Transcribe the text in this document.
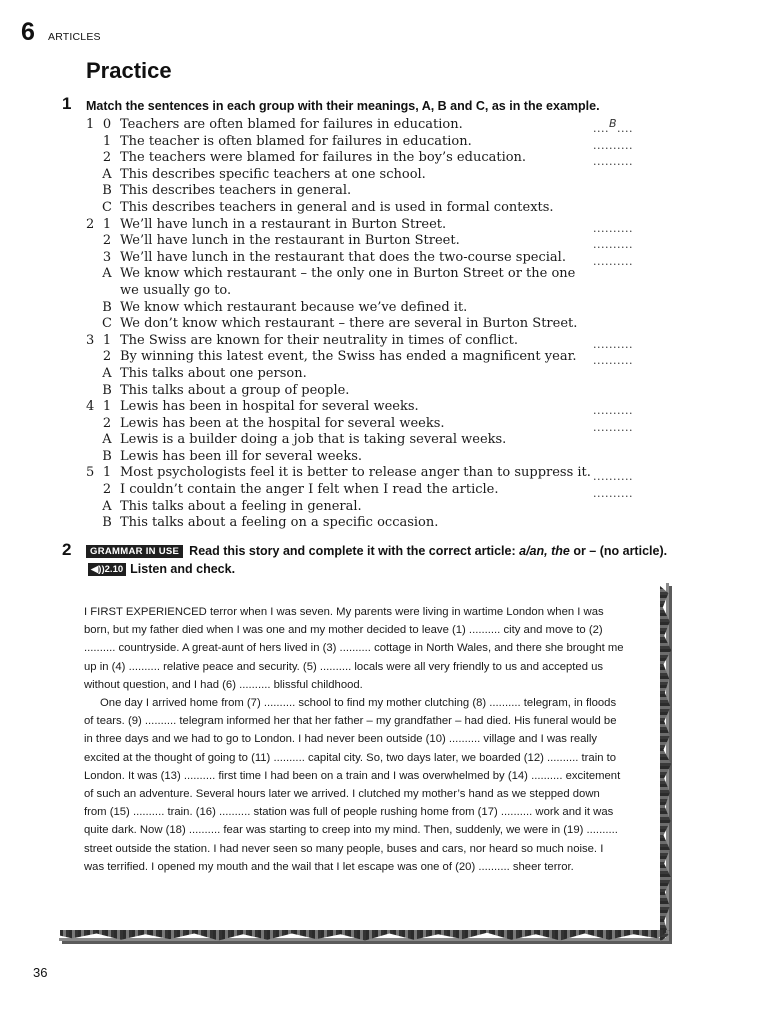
6 ARTICLES
Practice
1 Match the sentences in each group with their meanings, A, B and C, as in the example.
1 0 Teachers are often blamed for failures in education.	....B....
1 The teacher is often blamed for failures in education.	..........
2 The teachers were blamed for failures in the boy’s education.	..........
A This describes specific teachers at one school.
B This describes teachers in general.
C This describes teachers in general and is used in formal contexts.
2 1 We’ll have lunch in a restaurant in Burton Street.	..........
2 We’ll have lunch in the restaurant in Burton Street.	..........
3 We’ll have lunch in the restaurant that does the two-course special. ..........
A We know which restaurant – the only one in Burton Street or the one
we usually go to.
B We know which restaurant because we’ve defined it.
C We don’t know which restaurant – there are several in Burton Street.
3 1 The Swiss are known for their neutrality in times of conflict.	..........
2 By winning this latest event, the Swiss has ended a magnificent year. ..........
A This talks about one person.
B This talks about a group of people.
4 1 Lewis has been in hospital for several weeks.	..........
2 Lewis has been at the hospital for several weeks.	..........
A Lewis is a builder doing a job that is taking several weeks.
B Lewis has been ill for several weeks.
5 1 Most psychologists feel it is better to release anger than to suppress it. ..........
2 I couldn’t contain the anger I felt when I read the article.	..........
A This talks about a feeling in general.
B This talks about a feeling on a specific occasion.
2	GRAMMAR IN USE Read this story and complete it with the correct article: a/an, the or – (no article). ◀))2.10 Listen and check.

I FIRST EXPERIENCED terror when I was seven. My parents were living in wartime London when I was born, but my father died when I was one and my mother decided to leave (1) .......... city and move to (2) .......... countryside. A great-aunt of hers lived in (3) .......... cottage in North Wales, and there she brought me up in (4) .......... relative peace and security. (5) .......... locals were all very friendly to us and accepted us without question, and I had (6) .......... blissful childhood.

One day I arrived home from (7) .......... school to find my mother clutching (8) .......... telegram, in floods of tears. (9) .......... telegram informed her that her father – my grandfather – had died. His funeral would be in three days and we had to go to London. I had never been outside (10) .......... village and I was really excited at the thought of going to (11) .......... capital city. So, two days later, we boarded (12) .......... train to London. It was (13) .......... first time I had been on a train and I was overwhelmed by (14) .......... excitement of such an adventure. Several hours later we arrived. I clutched my mother’s hand as we stepped down from (15) .......... train. (16) .......... station was full of people rushing home from (17) .......... work and it was quite dark. Now (18) .......... fear was starting to creep into my mind. Then, suddenly, we were in (19) .......... street outside the station. I had never seen so many people, buses and cars, nor heard so much noise. I was terrified. I opened my mouth and the wail that I let escape was one of (20) .......... sheer terror.

36
